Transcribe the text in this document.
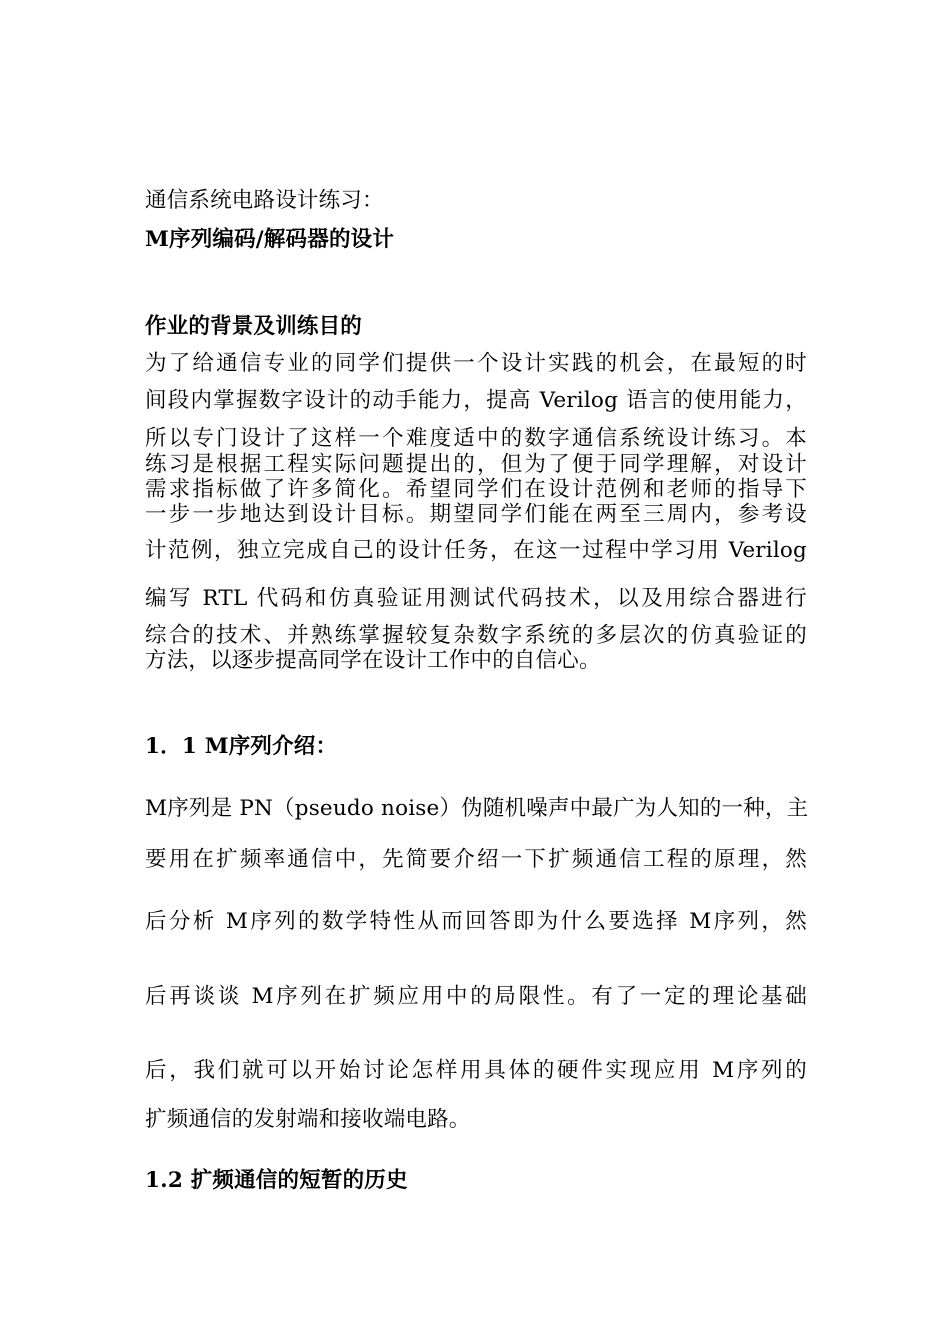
通信系统电路设计练习：
M序列编码/解码器的设计
作业的背景及训练目的
为了给通信专业的同学们提供一个设计实践的机会，在最短的时
间段内掌握数字设计的动手能力，提高 Verilog 语言的使用能力，
所以专门设计了这样一个难度适中的数字通信系统设计练习。本
练习是根据工程实际问题提出的，但为了便于同学理解，对设计
需求指标做了许多简化。希望同学们在设计范例和老师的指导下
一步一步地达到设计目标。期望同学们能在两至三周内，参考设
计范例，独立完成自己的设计任务，在这一过程中学习用 Verilog
编写 RTL 代码和仿真验证用测试代码技术，以及用综合器进行
综合的技术、并熟练掌握较复杂数字系统的多层次的仿真验证的
方法，以逐步提高同学在设计工作中的自信心。
1．1 M序列介绍：
M序列是 PN（pseudo noise）伪随机噪声中最广为人知的一种，主
要用在扩频率通信中，先简要介绍一下扩频通信工程的原理，然
后分析 M序列的数学特性从而回答即为什么要选择 M序列，然
后再谈谈 M序列在扩频应用中的局限性。有了一定的理论基础
后，我们就可以开始讨论怎样用具体的硬件实现应用 M序列的
扩频通信的发射端和接收端电路。
1.2 扩频通信的短暂的历史
